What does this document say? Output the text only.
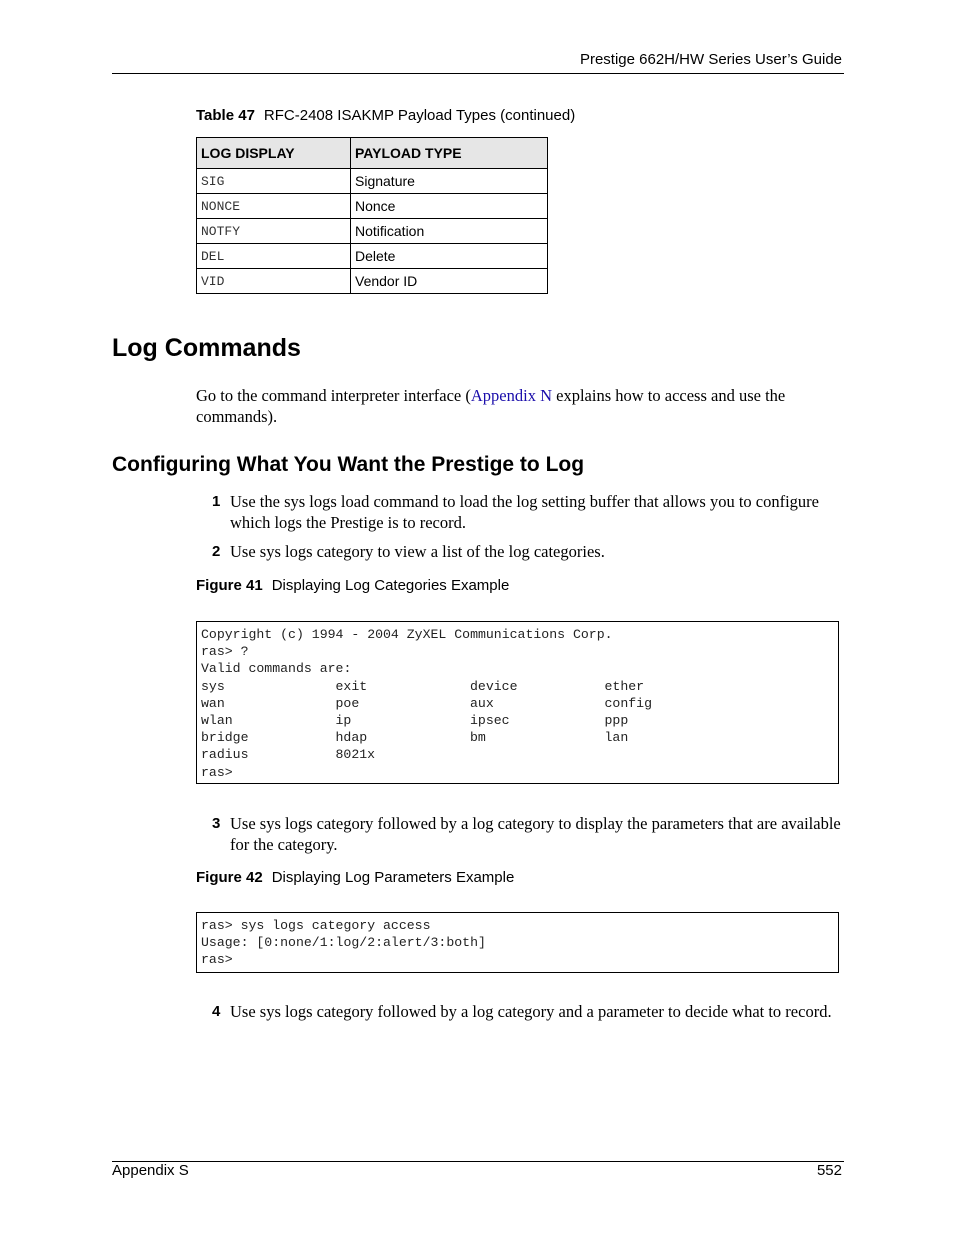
Prestige 662H/HW Series User’s Guide
Table 47 RFC-2408 ISAKMP Payload Types (continued)
LOG DISPLAY	PAYLOAD TYPE
SIG	Signature
NONCE	Nonce
NOTFY	Notification
DEL	Delete
VID	Vendor ID
Log Commands

Go to the command interpreter interface (Appendix N explains how to access and use the commands).

Configuring What You Want the Prestige to Log
1 Use the sys logs load command to load the log setting buffer that allows you to configure which logs the Prestige is to record.
2 Use sys logs category to view a list of the log categories.
Figure 41 Displaying Log Categories Example
Copyright (c) 1994 - 2004 ZyXEL Communications Corp.
ras> ?
Valid commands are:
sys	exit	device	ether
wan	poe	aux	config
wlan	ip	ipsec	ppp
bridge	hdap	bm	lan
radius	8021x
ras>
3 Use sys logs category followed by a log category to display the parameters that are available for the category.
Figure 42 Displaying Log Parameters Example
ras> sys logs category access
Usage: [0:none/1:log/2:alert/3:both]
ras>
4 Use sys logs category followed by a log category and a parameter to decide what to record.
Appendix S	552
